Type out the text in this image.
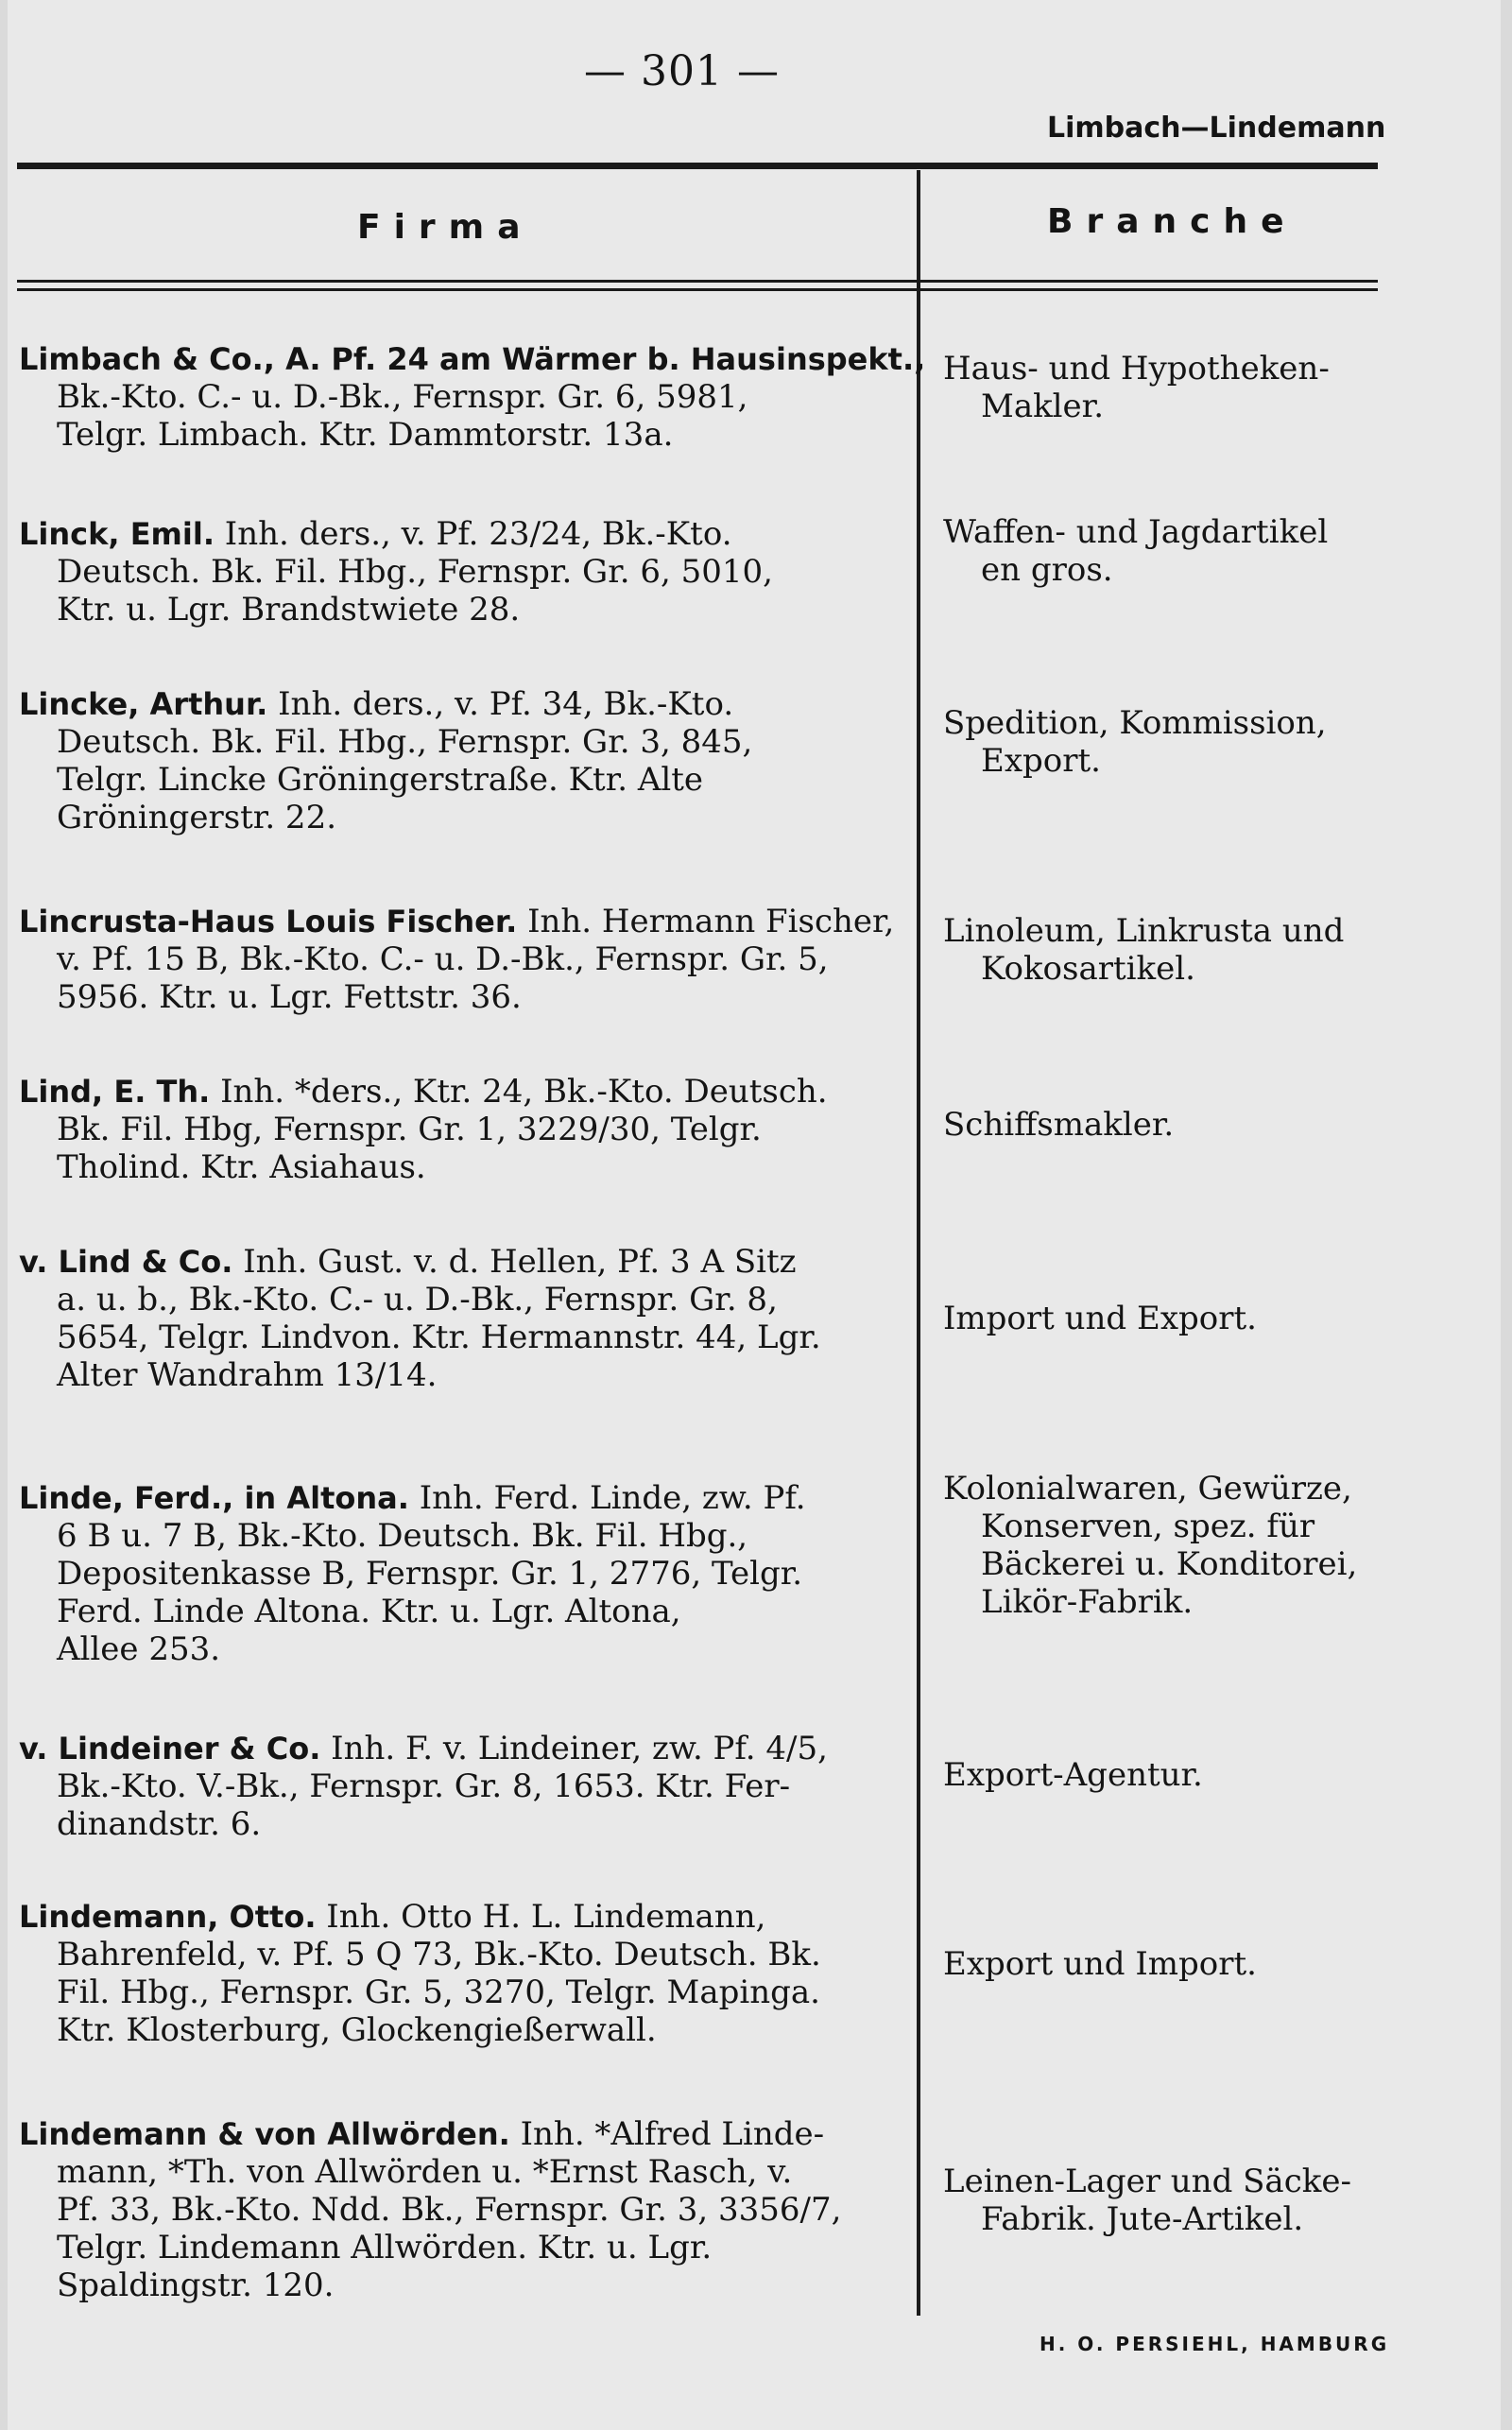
— 301 —
Limbach—Lindemann
Firma	Branche
Limbach & Co., A. Pf. 24 am Wärmer b. Hausinspekt.,
Bk.-Kto. C.- u. D.-Bk., Fernspr. Gr. 6, 5981,
Telgr. Limbach. Ktr. Dammtorstr. 13a.
Haus- und Hypotheken-
Makler.
Linck, Emil. Inh. ders., v. Pf. 23/24, Bk.-Kto.
Deutsch. Bk. Fil. Hbg., Fernspr. Gr. 6, 5010,
Ktr. u. Lgr. Brandstwiete 28.
Waffen- und Jagdartikel
en gros.
Lincke, Arthur. Inh. ders., v. Pf. 34, Bk.-Kto.
Deutsch. Bk. Fil. Hbg., Fernspr. Gr. 3, 845,
Telgr. Lincke Gröningerstraße. Ktr. Alte
Gröningerstr. 22.
Spedition, Kommission,
Export.
Lincrusta-Haus Louis Fischer. Inh. Hermann Fischer,
v. Pf. 15 B, Bk.-Kto. C.- u. D.-Bk., Fernspr. Gr. 5,
5956. Ktr. u. Lgr. Fettstr. 36.
Linoleum, Linkrusta und
Kokosartikel.
Lind, E. Th. Inh. *ders., Ktr. 24, Bk.-Kto. Deutsch.
Bk. Fil. Hbg, Fernspr. Gr. 1, 3229/30, Telgr.
Tholind. Ktr. Asiahaus.
Schiffsmakler.
v. Lind & Co. Inh. Gust. v. d. Hellen, Pf. 3 A Sitz
a. u. b., Bk.-Kto. C.- u. D.-Bk., Fernspr. Gr. 8,
5654, Telgr. Lindvon. Ktr. Hermannstr. 44, Lgr.
Alter Wandrahm 13/14.
Import und Export.
Linde, Ferd., in Altona. Inh. Ferd. Linde, zw. Pf.
6 B u. 7 B, Bk.-Kto. Deutsch. Bk. Fil. Hbg.,
Depositenkasse B, Fernspr. Gr. 1, 2776, Telgr.
Ferd. Linde Altona. Ktr. u. Lgr. Altona,
Allee 253.
Kolonialwaren, Gewürze,
Konserven, spez. für
Bäckerei u. Konditorei,
Likör-Fabrik.
v. Lindeiner & Co. Inh. F. v. Lindeiner, zw. Pf. 4/5,
Bk.-Kto. V.-Bk., Fernspr. Gr. 8, 1653. Ktr. Fer-
dinandstr. 6.
Export-Agentur.
Lindemann, Otto. Inh. Otto H. L. Lindemann,
Bahrenfeld, v. Pf. 5 Q 73, Bk.-Kto. Deutsch. Bk.
Fil. Hbg., Fernspr. Gr. 5, 3270, Telgr. Mapinga.
Ktr. Klosterburg, Glockengießerwall.
Export und Import.
Lindemann & von Allwörden. Inh. *Alfred Linde-
mann, *Th. von Allwörden u. *Ernst Rasch, v.
Pf. 33, Bk.-Kto. Ndd. Bk., Fernspr. Gr. 3, 3356/7,
Telgr. Lindemann Allwörden. Ktr. u. Lgr.
Spaldingstr. 120.
Leinen-Lager und Säcke-
Fabrik. Jute-Artikel.
H. O. PERSIEHL, HAMBURG
